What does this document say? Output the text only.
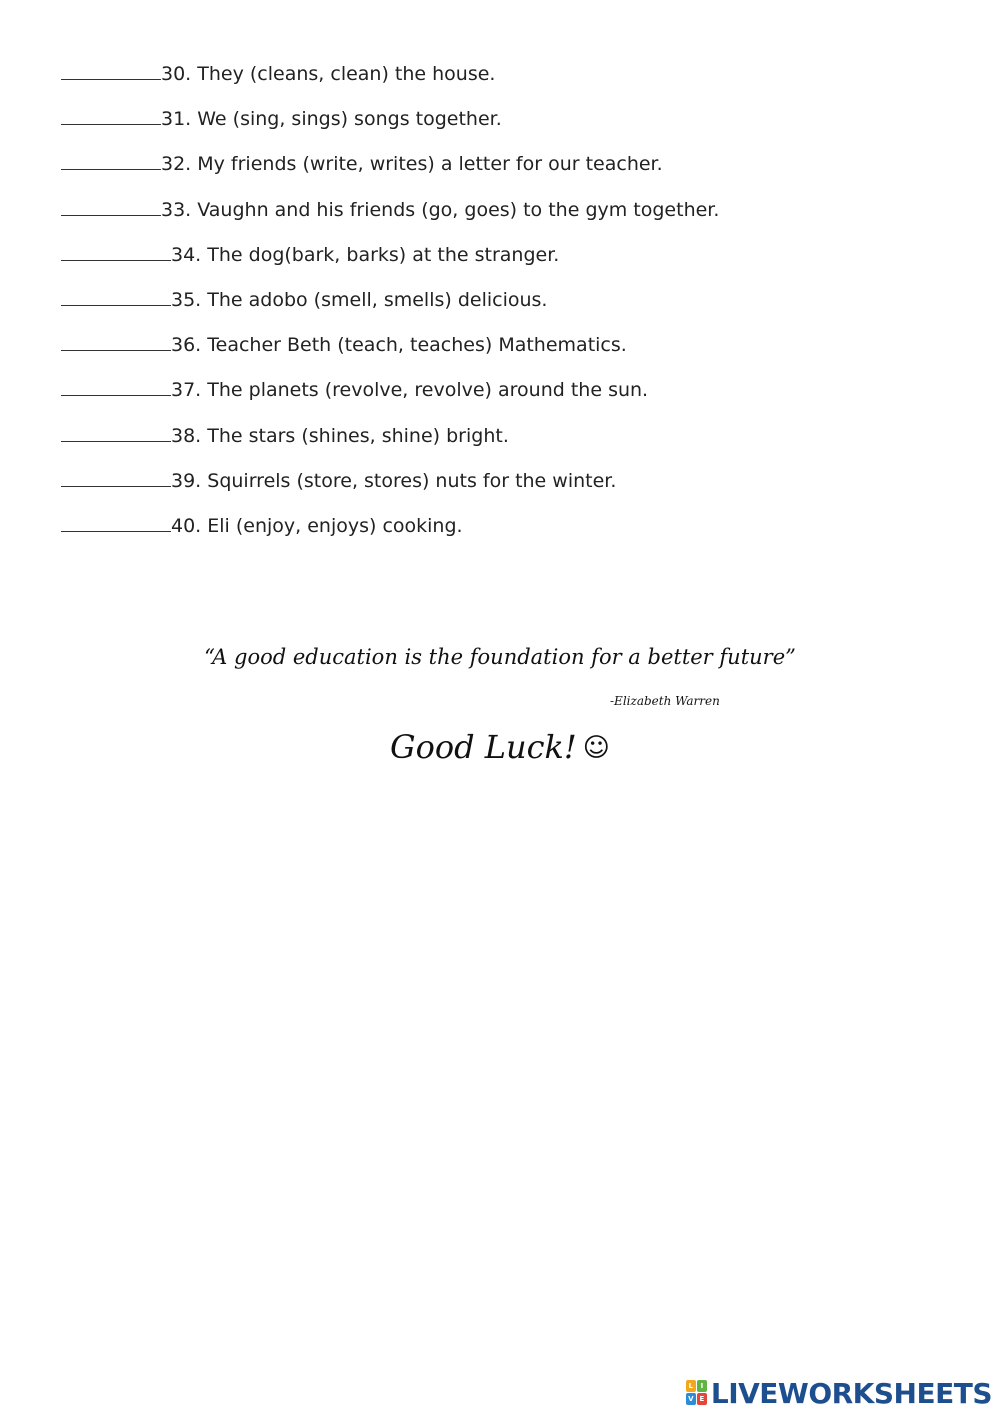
30. They (cleans, clean) the house.
31. We (sing, sings) songs together.
32. My friends (write, writes) a letter for our teacher.
33. Vaughn and his friends (go, goes) to the gym together.
34. The dog(bark, barks) at the stranger.
35. The adobo (smell, smells) delicious.
36. Teacher Beth (teach, teaches) Mathematics.
37. The planets (revolve, revolve) around the sun.
38. The stars (shines, shine) bright.
39. Squirrels (store, stores) nuts for the winter.
40. Eli (enjoy, enjoys) cooking.
“A good education is the foundation for a better future”
-Elizabeth Warren
Good Luck! ☺
L	I
V E LIVEWORKSHEETS
